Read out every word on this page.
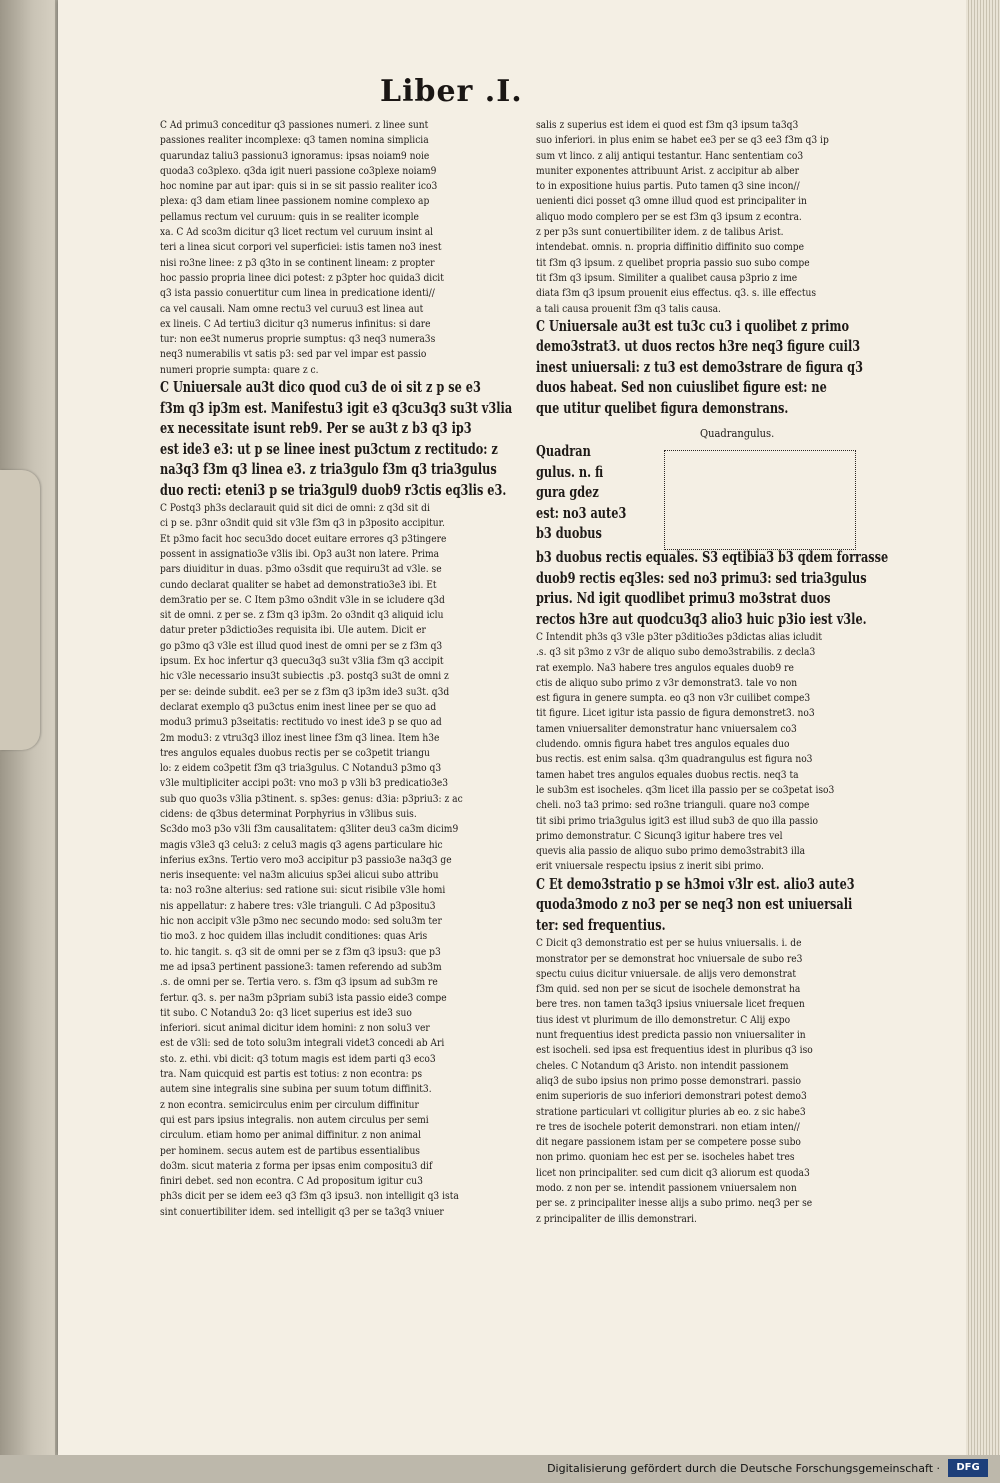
Liber .I.

C Ad primu3 conceditur q3 passiones numeri. z linee sunt

passiones realiter incomplexe: q3 tamen nomina simplicia

quarundaz taliu3 passionu3 ignoramus: ipsas noiam9 noie

quoda3 co3plexo. q3da igit nueri passione co3plexe noiam9

hoc nomine par aut ipar: quis si in se sit passio realiter ico3

plexa: q3 dam etiam linee passionem nomine complexo ap

pellamus rectum vel curuum: quis in se realiter icomple

xa. C Ad sco3m dicitur q3 licet rectum vel curuum insint al

teri a linea sicut corpori vel superficiei: istis tamen no3 inest

nisi ro3ne linee: z p3 q3to in se continent lineam: z propter

hoc passio propria linee dici potest: z p3pter hoc quida3 dicit

q3 ista passio conuertitur cum linea in predicatione identi//

ca vel causali. Nam omne rectu3 vel curuu3 est linea aut

ex lineis. C Ad tertiu3 dicitur q3 numerus infinitus: si dare

tur: non ee3t numerus proprie sumptus: q3 neq3 numera3s

neq3 numerabilis vt satis p3: sed par vel impar est passio

numeri proprie sumpta: quare z c.

C Uniuersale au3t dico quod cu3 de oi sit z p se e3

f3m q3 ip3m est. Manifestu3 igit e3 q3cu3q3 su3t v3lia

ex necessitate isunt reb9. Per se au3t z b3 q3 ip3

est ide3 e3: ut p se linee inest pu3ctum z rectitudo: z

na3q3 f3m q3 linea e3. z tria3gulo f3m q3 tria3gulus

duo recti: eteni3 p se tria3gul9 duob9 r3ctis eq3lis e3.

C Postq3 ph3s declarauit quid sit dici de omni: z q3d sit di

ci p se. p3nr o3ndit quid sit v3le f3m q3 in p3posito accipitur.

Et p3mo facit hoc secu3do docet euitare errores q3 p3tingere

possent in assignatio3e v3lis ibi. Op3 au3t non latere. Prima

pars diuiditur in duas. p3mo o3sdit que requiru3t ad v3le. se

cundo declarat qualiter se habet ad demonstratio3e3 ibi. Et

dem3ratio per se. C Item p3mo o3ndit v3le in se icludere q3d

sit de omni. z per se. z f3m q3 ip3m. 2o o3ndit q3 aliquid iclu

datur preter p3dictio3es requisita ibi. Ule autem. Dicit er

go p3mo q3 v3le est illud quod inest de omni per se z f3m q3

ipsum. Ex hoc infertur q3 quecu3q3 su3t v3lia f3m q3 accipit

hic v3le necessario insu3t subiectis .p3. postq3 su3t de omni z

per se: deinde subdit. ee3 per se z f3m q3 ip3m ide3 su3t. q3d

declarat exemplo q3 pu3ctus enim inest linee per se quo ad

modu3 primu3 p3seitatis: rectitudo vo inest ide3 p se quo ad

2m modu3: z vtru3q3 illoz inest linee f3m q3 linea. Item h3e

tres angulos equales duobus rectis per se co3petit triangu

lo: z eidem co3petit f3m q3 tria3gulus. C Notandu3 p3mo q3

v3le multipliciter accipi po3t: vno mo3 p v3li b3 predicatio3e3

sub quo quo3s v3lia p3tinent. s. sp3es: genus: d3ia: p3priu3: z ac

cidens: de q3bus determinat Porphyrius in v3libus suis.

Sc3do mo3 p3o v3li f3m causalitatem: q3liter deu3 ca3m dicim9

magis v3le3 q3 celu3: z celu3 magis q3 agens particulare hic

inferius ex3ns. Tertio vero mo3 accipitur p3 passio3e na3q3 ge

neris insequente: vel na3m alicuius sp3ei alicui subo attribu

ta: no3 ro3ne alterius: sed ratione sui: sicut risibile v3le homi

nis appellatur: z habere tres: v3le trianguli. C Ad p3positu3

hic non accipit v3le p3mo nec secundo modo: sed solu3m ter

tio mo3. z hoc quidem illas includit conditiones: quas Aris

to. hic tangit. s. q3 sit de omni per se z f3m q3 ipsu3: que p3

me ad ipsa3 pertinent passione3: tamen referendo ad sub3m

.s. de omni per se. Tertia vero. s. f3m q3 ipsum ad sub3m re

fertur. q3. s. per na3m p3priam subi3 ista passio eide3 compe

tit subo. C Notandu3 2o: q3 licet superius est ide3 suo

inferiori. sicut animal dicitur idem homini: z non solu3 ver

est de v3li: sed de toto solu3m integrali videt3 concedi ab Ari

sto. z. ethi. vbi dicit: q3 totum magis est idem parti q3 eco3

tra. Nam quicquid est partis est totius: z non econtra: ps

autem sine integralis sine subina per suum totum diffinit3.

z non econtra. semicirculus enim per circulum diffinitur

qui est pars ipsius integralis. non autem circulus per semi

circulum. etiam homo per animal diffinitur. z non animal

per hominem. secus autem est de partibus essentialibus

do3m. sicut materia z forma per ipsas enim compositu3 dif

finiri debet. sed non econtra. C Ad propositum igitur cu3

ph3s dicit per se idem ee3 q3 f3m q3 ipsu3. non intelligit q3 ista

sint conuertibiliter idem. sed intelligit q3 per se ta3q3 vniuer

salis z superius est idem ei quod est f3m q3 ipsum ta3q3

suo inferiori. in plus enim se habet ee3 per se q3 ee3 f3m q3 ip

sum vt linco. z alij antiqui testantur. Hanc sententiam co3

muniter exponentes attribuunt Arist. z accipitur ab alber

to in expositione huius partis. Puto tamen q3 sine incon//

uenienti dici posset q3 omne illud quod est principaliter in

aliquo modo complero per se est f3m q3 ipsum z econtra.

z per p3s sunt conuertibiliter idem. z de talibus Arist.

intendebat. omnis. n. propria diffinitio diffinito suo compe

tit f3m q3 ipsum. z quelibet propria passio suo subo compe

tit f3m q3 ipsum. Similiter a qualibet causa p3prio z ime

diata f3m q3 ipsum prouenit eius effectus. q3. s. ille effectus

a tali causa prouenit f3m q3 talis causa.

C Uniuersale au3t est tu3c cu3 i quolibet z primo

demo3strat3. ut duos rectos h3re neq3 figure cuil3

inest uniuersali: z tu3 est demo3strare de figura q3

duos habeat. Sed non cuiuslibet figure est: ne

que utitur quelibet figura demonstrans.

Quadrangulus.

Quadran

gulus. n. fi

gura gdez

est: no3 aute3

b3 duobus

b3 duobus rectis equales. S3 eqtibia3 b3 qdem forrasse

duob9 rectis eq3les: sed no3 primu3: sed tria3gulus

prius. Nd igit quodlibet primu3 mo3strat duos

rectos h3re aut quodcu3q3 alio3 huic p3io iest v3le.

C Intendit ph3s q3 v3le p3ter p3ditio3es p3dictas alias icludit

.s. q3 sit p3mo z v3r de aliquo subo demo3strabilis. z decla3

rat exemplo. Na3 habere tres angulos equales duob9 re

ctis de aliquo subo primo z v3r demonstrat3. tale vo non

est figura in genere sumpta. eo q3 non v3r cuilibet compe3

tit figure. Licet igitur ista passio de figura demonstret3. no3

tamen vniuersaliter demonstratur hanc vniuersalem co3

cludendo. omnis figura habet tres angulos equales duo

bus rectis. est enim salsa. q3m quadrangulus est figura no3

tamen habet tres angulos equales duobus rectis. neq3 ta

le sub3m est isocheles. q3m licet illa passio per se co3petat iso3

cheli. no3 ta3 primo: sed ro3ne trianguli. quare no3 compe

tit sibi primo tria3gulus igit3 est illud sub3 de quo illa passio

primo demonstratur. C Sicunq3 igitur habere tres vel

quevis alia passio de aliquo subo primo demo3strabit3 illa

erit vniuersale respectu ipsius z inerit sibi primo.

C Et demo3stratio p se h3moi v3lr est. alio3 aute3

quoda3modo z no3 per se neq3 non est uniuersali

ter: sed frequentius.

C Dicit q3 demonstratio est per se huius vniuersalis. i. de

monstrator per se demonstrat hoc vniuersale de subo re3

spectu cuius dicitur vniuersale. de alijs vero demonstrat

f3m quid. sed non per se sicut de isochele demonstrat ha

bere tres. non tamen ta3q3 ipsius vniuersale licet frequen

tius idest vt plurimum de illo demonstretur. C Alij expo

nunt frequentius idest predicta passio non vniuersaliter in

est isocheli. sed ipsa est frequentius idest in pluribus q3 iso

cheles. C Notandum q3 Aristo. non intendit passionem

aliq3 de subo ipsius non primo posse demonstrari. passio

enim superioris de suo inferiori demonstrari potest demo3

stratione particulari vt colligitur pluries ab eo. z sic habe3

re tres de isochele poterit demonstrari. non etiam inten//

dit negare passionem istam per se competere posse subo

non primo. quoniam hec est per se. isocheles habet tres

licet non principaliter. sed cum dicit q3 aliorum est quoda3

modo. z non per se. intendit passionem vniuersalem non

per se. z principaliter inesse alijs a subo primo. neq3 per se

z principaliter de illis demonstrari.

Digitalisierung gefördert durch die Deutsche Forschungsgemeinschaft ·	DFG
